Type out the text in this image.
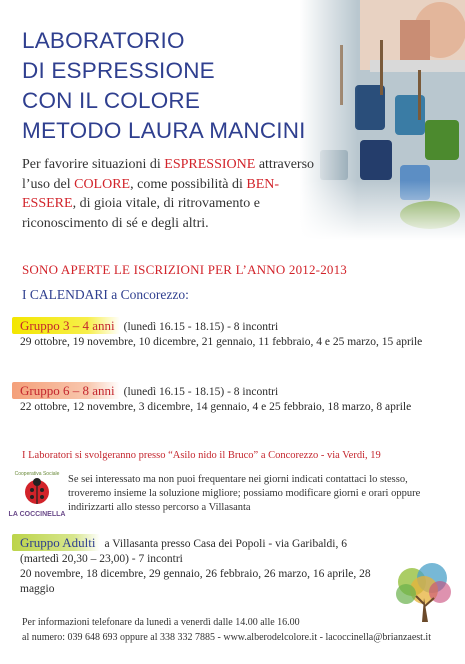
LABORATORIO
DI ESPRESSIONE
CON IL COLORE
METODO LAURA MANCINI
Per favorire situazioni di ESPRESSIONE attraverso l’uso del COLORE, come possibilità di BEN-ESSERE, di gioia vitale, di ritrovamento e riconoscimento di sé e degli altri.
SONO APERTE LE ISCRIZIONI PER L’ANNO 2012-2013
I CALENDARI a Concorezzo:
Gruppo 3 – 4 anni (lunedì 16.15 - 18.15) - 8 incontri
29 ottobre, 19 novembre, 10 dicembre, 21 gennaio, 11 febbraio, 4 e 25 marzo, 15 aprile
Gruppo 6 – 8 anni (lunedì 16.15 - 18.15) - 8 incontri
22 ottobre, 12 novembre, 3 dicembre, 14 gennaio, 4 e 25 febbraio, 18 marzo, 8 aprile
I Laboratori si svolgeranno presso “Asilo nido il Bruco” a Concorezzo - via Verdi, 19
Cooperativa Sociale
LA COCCINELLA
Se sei interessato ma non puoi frequentare nei giorni indicati contattaci lo stesso, troveremo insieme la soluzione migliore; possiamo modificare giorni e orari oppure indirizzarti allo stesso percorso a Villasanta
Gruppo Adulti a Villasanta presso Casa dei Popoli - via Garibaldi, 6
(martedì 20,30 – 23,00) - 7 incontri
20 novembre, 18 dicembre, 29 gennaio, 26 febbraio, 26 marzo, 16 aprile, 28 maggio
Per informazioni telefonare da lunedì a venerdì dalle 14.00 alle 16.00
al numero: 039 648 693 oppure al 338 332 7885 - www.alberodelcolore.it - lacoccinella@brianzaest.it
